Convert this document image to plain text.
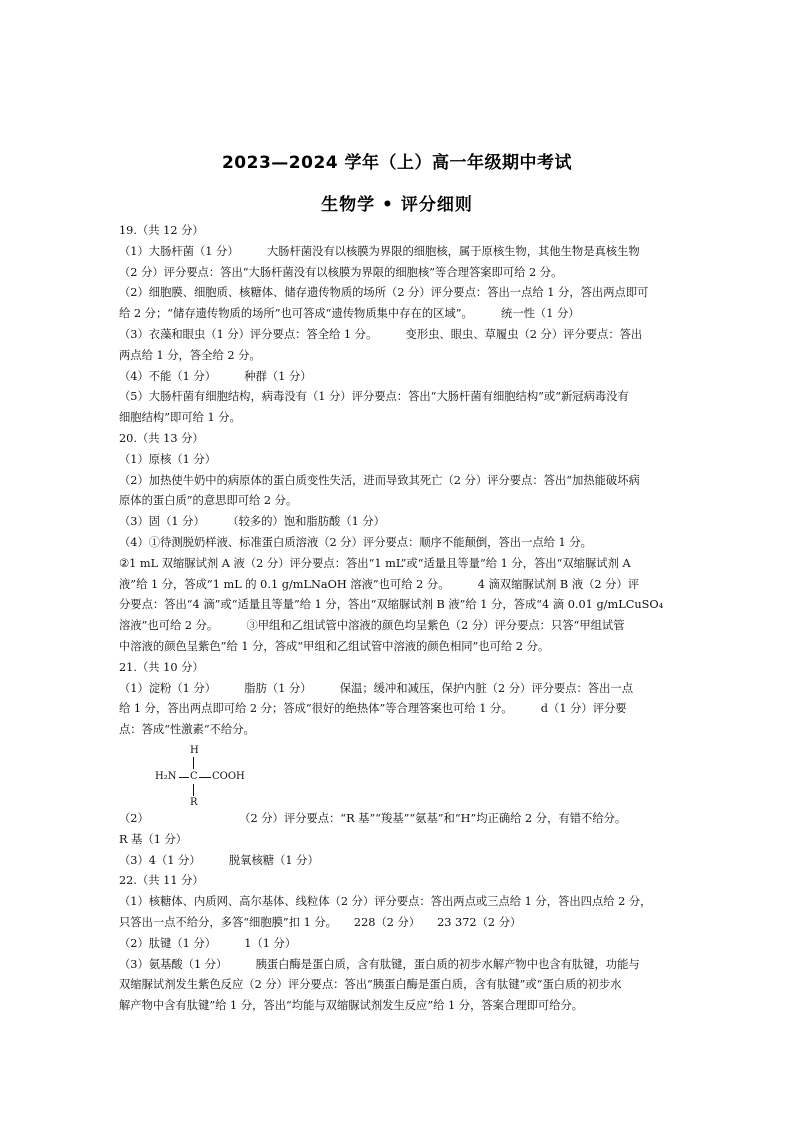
2023—2024 学年（上）高一年级期中考试
生物学 • 评分细则
19.（共 12 分）
（1）大肠杆菌（1 分）　　　大肠杆菌没有以核膜为界限的细胞核，属于原核生物，其他生物是真核生物
（2 分）评分要点：答出“大肠杆菌没有以核膜为界限的细胞核”等合理答案即可给 2 分。
（2）细胞膜、细胞质、核糖体、储存遗传物质的场所（2 分）评分要点：答出一点给 1 分，答出两点即可
给 2 分；“储存遗传物质的场所”也可答成“遗传物质集中存在的区域”。　　　统一性（1 分）
（3）衣藻和眼虫（1 分）评分要点：答全给 1 分。　　　变形虫、眼虫、草履虫（2 分）评分要点：答出
两点给 1 分，答全给 2 分。
（4）不能（1 分）　　　种群（1 分）
（5）大肠杆菌有细胞结构，病毒没有（1 分）评分要点：答出“大肠杆菌有细胞结构”或“新冠病毒没有
细胞结构”即可给 1 分。
20.（共 13 分）
（1）原核（1 分）
（2）加热使牛奶中的病原体的蛋白质变性失活，进而导致其死亡（2 分）评分要点：答出“加热能破坏病
原体的蛋白质”的意思即可给 2 分。
（3）固（1 分）　　　（较多的）饱和脂肪酸（1 分）
（4）①待测脱奶样液、标准蛋白质溶液（2 分）评分要点：顺序不能颠倒，答出一点给 1 分。
②1 mL 双缩脲试剂 A 液（2 分）评分要点：答出“1 mL”或“适量且等量”给 1 分，答出“双缩脲试剂 A
液”给 1 分，答成“1 mL 的 0.1 g/mLNaOH 溶液”也可给 2 分。　　　4 滴双缩脲试剂 B 液（2 分）评
分要点：答出“4 滴”或“适量且等量”给 1 分，答出“双缩脲试剂 B 液”给 1 分，答成“4 滴 0.01 g/mLCuSO₄
溶液”也可给 2 分。　　　③甲组和乙组试管中溶液的颜色均呈紫色（2 分）评分要点：只答“甲组试管
中溶液的颜色呈紫色”给 1 分，答成“甲组和乙组试管中溶液的颜色相同”也可给 2 分。
21.（共 10 分）
（1）淀粉（1 分）　　　脂肪（1 分）　　　保温；缓冲和减压，保护内脏（2 分）评分要点：答出一点
给 1 分，答出两点即可给 2 分；答成“很好的绝热体”等合理答案也可给 1 分。　　　d（1 分）评分要
点：答成“性激素”不给分。
（2）　　　　　　　　　（2 分）评分要点：“R 基”“羧基”“氨基”和“H”均正确给 2 分，有错不给分。
R 基（1 分）
（3）4（1 分）　　　脱氧核糖（1 分）
22.（共 11 分）
（1）核糖体、内质网、高尔基体、线粒体（2 分）评分要点：答出两点或三点给 1 分，答出四点给 2 分，
只答出一点不给分，多答“细胞膜”扣 1 分。　　228（2 分）　　23 372（2 分）
（2）肽键（1 分）　　　1（1 分）
（3）氨基酸（1 分）　　　胰蛋白酶是蛋白质，含有肽键，蛋白质的初步水解产物中也含有肽键，功能与
双缩脲试剂发生紫色反应（2 分）评分要点：答出“胰蛋白酶是蛋白质，含有肽键”或“蛋白质的初步水
解产物中含有肽键”给 1 分，答出“均能与双缩脲试剂发生反应”给 1 分，答案合理即可给分。
H
H₂N C COOH
R
